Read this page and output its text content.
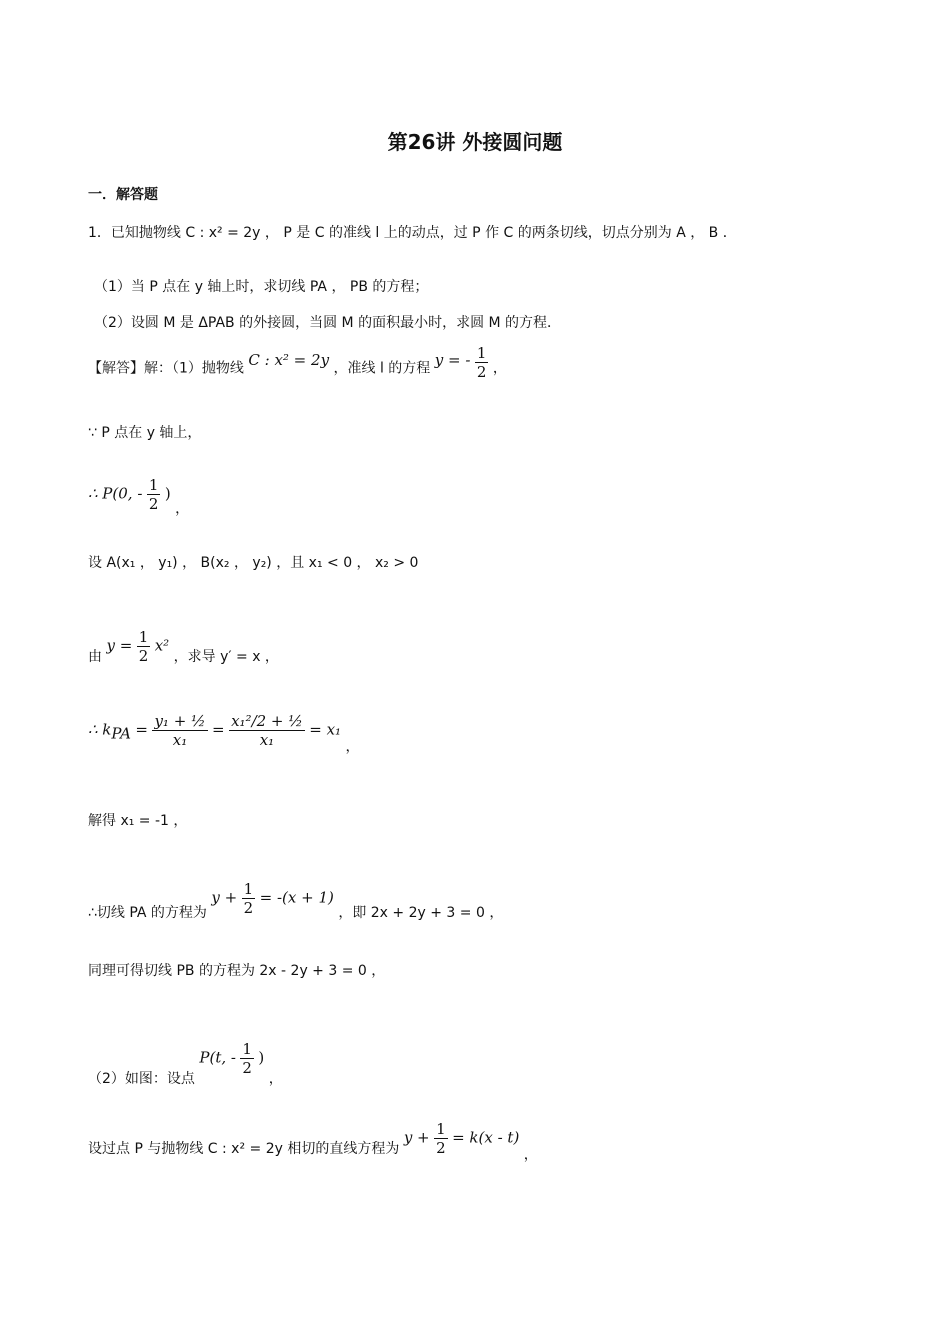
第26讲 外接圆问题
一．解答题
1．已知抛物线 C : x² = 2y ， P 是 C 的准线 l 上的动点，过 P 作 C 的两条切线，切点分别为 A ， B ．
（1）当 P 点在 y 轴上时，求切线 PA ， PB 的方程；
（2）设圆 M 是 ΔPAB 的外接圆，当圆 M 的面积最小时，求圆 M 的方程．
【解答】解：（1）抛物线 C : x² = 2y ，准线 l 的方程 y = - $\frac{1}{2}$ ，
∵ P 点在 y 轴上，
∴ P(0, - $\frac{1}{2}$ ) ，
设 A(x₁ ， y₁) ， B(x₂ ， y₂) ，且 x₁ < 0 ， x₂ > 0
由 $y = \frac{1}{2} x^2$ ，求导 y′ = x ，
∴ $k_{PA} = \frac{\text{y₁ + ½}}{\text{x₁}} = \frac{\text{x₁²/2 + ½}}{\text{x₁}} = x_1$ ，
解得 x₁ = -1 ，
∴切线 PA 的方程为 $y + \frac{1}{2} = -(x + 1)$ ，即 2x + 2y + 3 = 0 ，
同理可得切线 PB 的方程为 2x - 2y + 3 = 0 ，
（2）如图：设点 P(t, - $\frac{1}{2}$ ) ，
设过点 P 与抛物线 C : x² = 2y 相切的直线方程为 $y + \frac{1}{2} = k(x - t)$ ，
